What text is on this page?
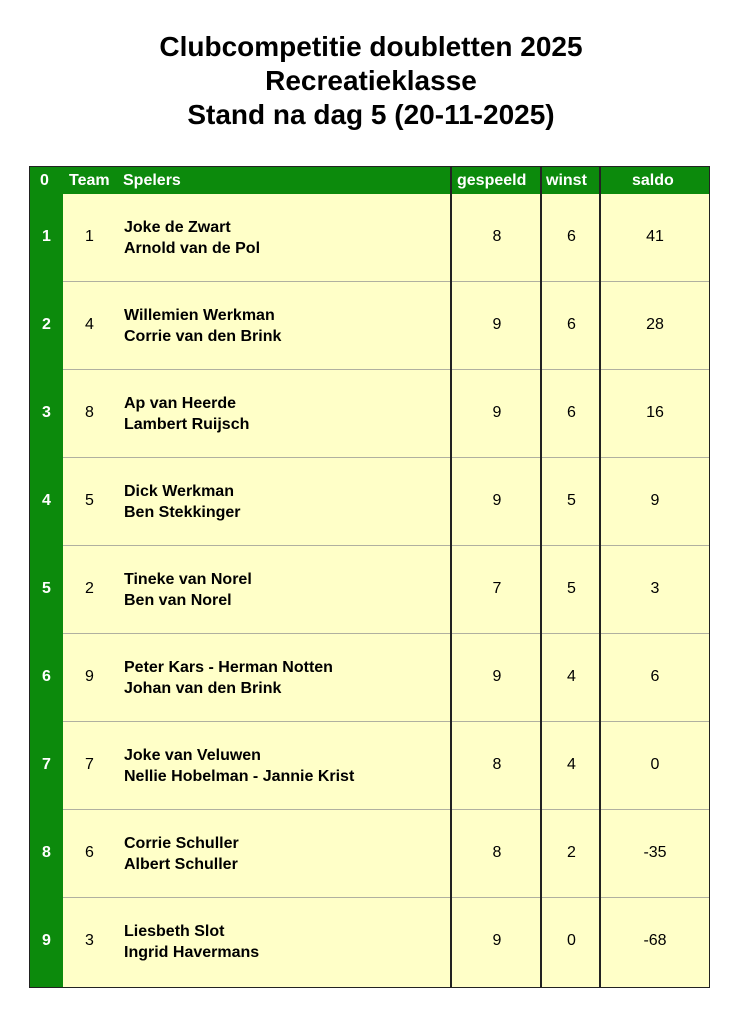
Clubcompetitie doubletten 2025
Recreatieklasse
Stand na dag 5 (20-11-2025)
0 Team Spelers	gespeeld winst	saldo
1	1
Joke de Zwart
Arnold van de Pol
8	6	41
2	4
Willemien Werkman
Corrie van den Brink
9	6	28
3	8
Ap van Heerde
Lambert Ruijsch
9	6	16
4	5
Dick Werkman
Ben Stekkinger
9	5	9
5	2
Tineke van Norel
Ben van Norel
7	5	3
6	9
Peter Kars - Herman Notten
Johan van den Brink
9	4	6
7	7
Joke van Veluwen
Nellie Hobelman - Jannie Krist
8	4	0
8	6
Corrie Schuller
Albert Schuller
8	2	-35
9	3
Liesbeth Slot
Ingrid Havermans
9	0	-68
